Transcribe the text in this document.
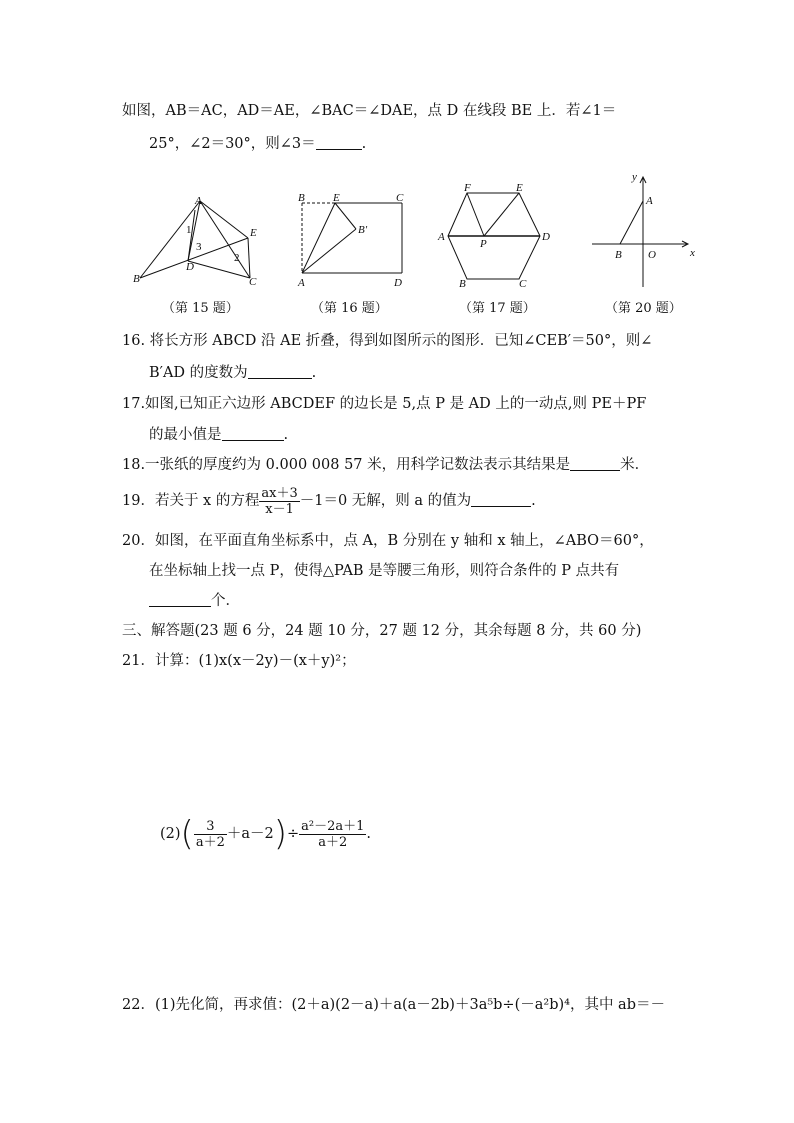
如图，AB＝AC，AD＝AE，∠BAC＝∠DAE，点 D 在线段 BE 上．若∠1＝
25°，∠2＝30°，则∠3＝	.
A
B	C
D
E
1
3
2
B	E	C
B′
A	D
F	E
A	D
P
B	C
y
x
A
B O
（第 15 题）	（第 16 题）	（第 17 题）	（第 20 题）
16. 将长方形 ABCD 沿 AE 折叠，得到如图所示的图形．已知∠CEB′＝50°，则∠
B′AD 的度数为	.
17.如图,已知正六边形 ABCDEF 的边长是 5,点 P 是 AD 上的一动点,则 PE＋PF
的最小值是	.
18.一张纸的厚度约为 0.000 008 57 米，用科学记数法表示其结果是	米．
19．若关于 x 的方程 $\frac{ax+3}{x-1} -1=0$ 无解，则 a 的值为	.
20．如图，在平面直角坐标系中，点 A，B 分别在 y 轴和 x 轴上，∠ABO＝60°，
在坐标轴上找一点 P，使得△PAB 是等腰三角形，则符合条件的 P 点共有
个．
三、解答题(23 题 6 分，24 题 10 分，27 题 12 分，其余每题 8 分，共 60 分)
21．计算：(1)x(x－2y)－(x＋y)²；
$(2)( \frac{3}{a+2} +a-2)\div \frac{\text{a²－2a＋1}}{a+2}$ .
22．(1)先化简，再求值：(2＋a)(2－a)＋a(a－2b)＋3a⁵b÷(－a²b)⁴，其中 ab＝－
